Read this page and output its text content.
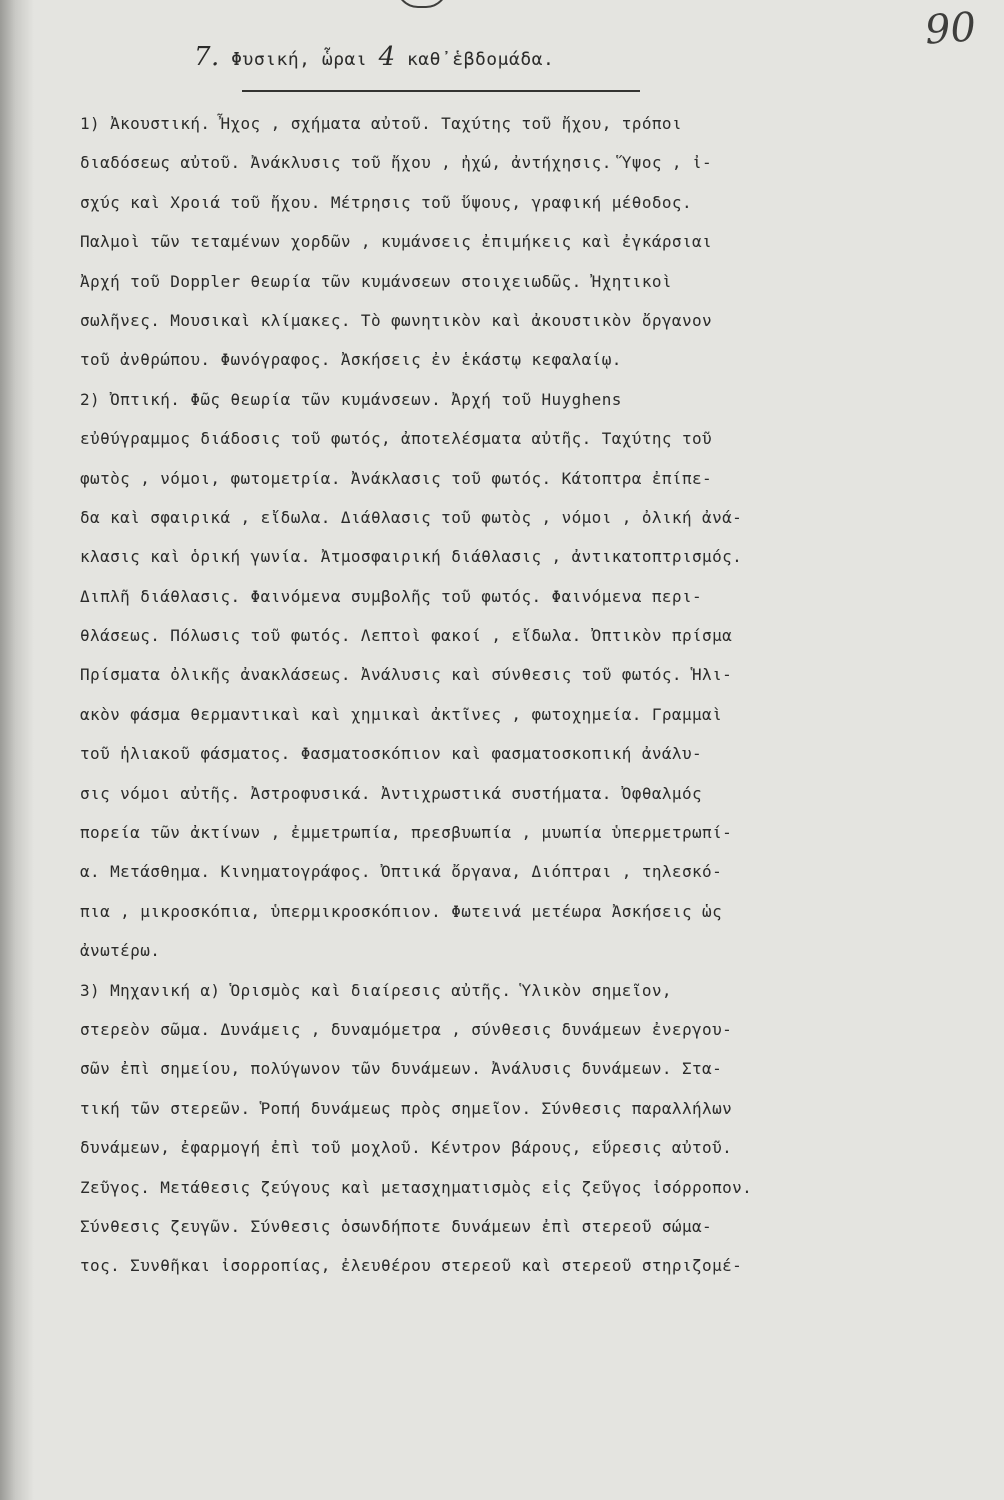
90
7. Φυσική, ὧραι 4 καθ᾽ἑβδομάδα.
1) Ἀκουστική. Ἦχος , σχήματα αὐτοῦ. Ταχύτης τοῦ ἤχου, τρόποι
διαδόσεως αὐτοῦ. Ἀνάκλυσις τοῦ ἤχου , ἠχώ, ἀντήχησις. Ὕψος , ἰ-
σχύς καὶ Χροιά τοῦ ἤχου. Μέτρησις τοῦ ὕψους, γραφική μέθοδος.
Παλμοὶ τῶν τεταμένων χορδῶν , κυμάνσεις ἐπιμήκεις καὶ ἐγκάρσιαι
Ἀρχή τοῦ Doppler θεωρία τῶν κυμάνσεων στοιχειωδῶς. Ἠχητικοὶ
σωλῆνες. Μουσικαὶ κλίμακες. Τὸ φωνητικὸν καὶ ἀκουστικὸν ὄργανον
τοῦ ἀνθρώπου. Φωνόγραφος. Ἀσκήσεις ἐν ἑκάστῳ κεφαλαίῳ.
2) Ὀπτική. Φῶς θεωρία τῶν κυμάνσεων. Ἀρχή τοῦ Huyghens
εὐθύγραμμος διάδοσις τοῦ φωτός, ἀποτελέσματα αὐτῆς. Ταχύτης τοῦ
φωτὸς , νόμοι, φωτομετρία. Ἀνάκλασις τοῦ φωτός. Κάτοπτρα ἐπίπε-
δα καὶ σφαιρικά , εἴδωλα. Διάθλασις τοῦ φωτὸς , νόμοι , ὀλική ἀνά-
κλασις καὶ ὁρική γωνία. Ἀτμοσφαιρική διάθλασις , ἀντικατοπτρισμός.
Διπλῆ διάθλασις. Φαινόμενα συμβολῆς τοῦ φωτός. Φαινόμενα περι-
θλάσεως. Πόλωσις τοῦ φωτός. Λεπτοὶ φακοί , εἴδωλα. Ὀπτικὸν πρίσμα
Πρίσματα ὀλικῆς ἀνακλάσεως. Ἀνάλυσις καὶ σύνθεσις τοῦ φωτός. Ἡλι-
ακὸν φάσμα θερμαντικαὶ καὶ χημικαὶ ἀκτῖνες , φωτοχημεία. Γραμμαὶ
τοῦ ἡλιακοῦ φάσματος. Φασματοσκόπιον καὶ φασματοσκοπική ἀνάλυ-
σις νόμοι αὐτῆς. Ἀστροφυσικά. Ἀντιχρωστικά συστήματα. Ὀφθαλμός
πορεία τῶν ἀκτίνων , ἐμμετρωπία, πρεσβυωπία , μυωπία ὑπερμετρωπί-
α. Μετάσθημα. Κινηματογράφος. Ὀπτικά ὄργανα, Διόπτραι , τηλεσκό-
πια , μικροσκόπια, ὑπερμικροσκόπιον. Φωτεινά μετέωρα Ἀσκήσεις ὡς
ἀνωτέρω.
3) Μηχανική α) Ὁρισμὸς καὶ διαίρεσις αὐτῆς. Ὑλικὸν σημεῖον,
στερεὸν σῶμα. Δυνάμεις , δυναμόμετρα , σύνθεσις δυνάμεων ἐνεργου-
σῶν ἐπὶ σημείου, πολύγωνον τῶν δυνάμεων. Ἀνάλυσις δυνάμεων. Στα-
τική τῶν στερεῶν. Ῥοπή δυνάμεως πρὸς σημεῖον. Σύνθεσις παραλλήλων
δυνάμεων, ἐφαρμογή ἐπὶ τοῦ μοχλοῦ. Κέντρον βάρους, εὕρεσις αὐτοῦ.
Ζεῦγος. Μετάθεσις ζεύγους καὶ μετασχηματισμὸς εἰς ζεῦγος ἰσόρροπον.
Σύνθεσις ζευγῶν. Σύνθεσις ὁσωνδήποτε δυνάμεων ἐπὶ στερεοῦ σώμα-
τος. Συνθῆκαι ἰσορροπίας, ἐλευθέρου στερεοῦ καὶ στερεοῦ στηριζομέ-
